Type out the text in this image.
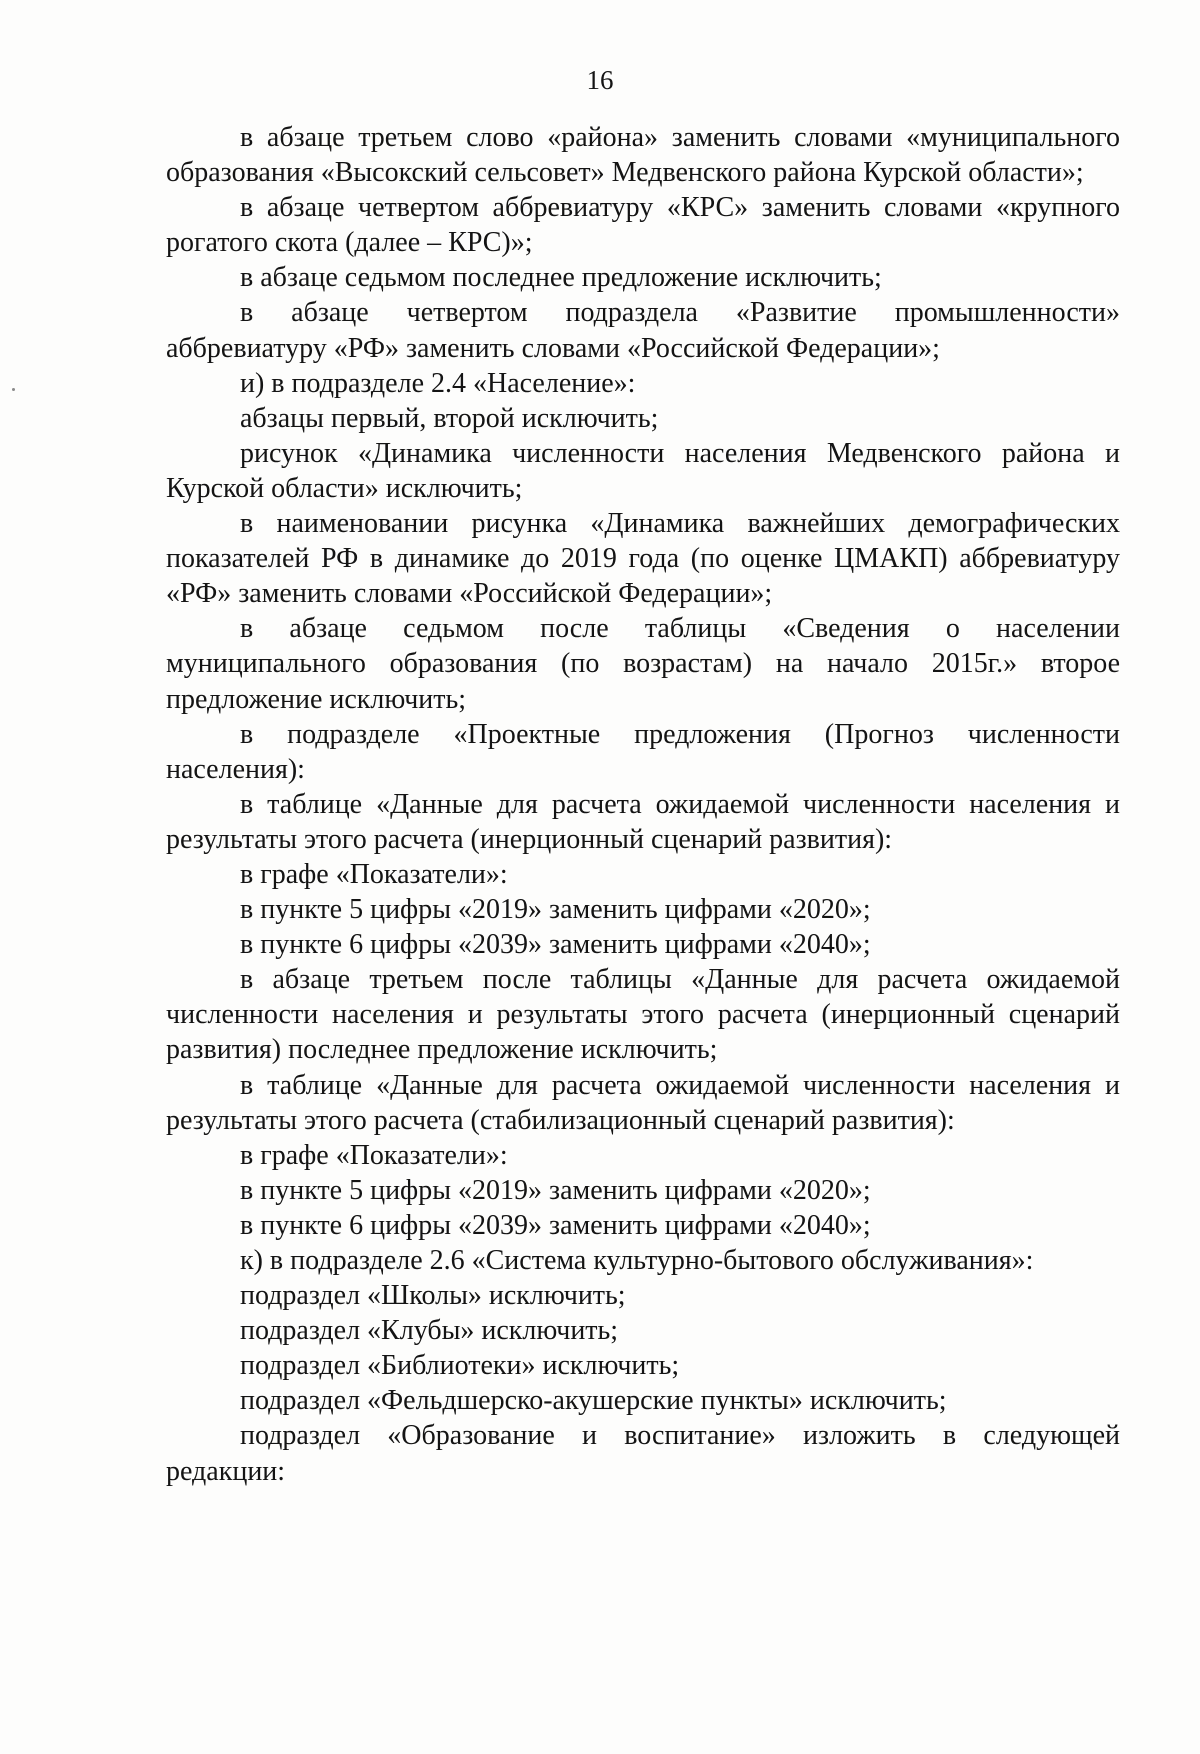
16

в абзаце третьем слово «района» заменить словами «муниципального образования «Высокский сельсовет» Медвенского района Курской области»;

в абзаце четвертом аббревиатуру «КРС» заменить словами «крупного рогатого скота (далее – КРС)»;

в абзаце седьмом последнее предложение исключить;

в абзаце четвертом подраздела «Развитие промышленности» аббревиатуру «РФ» заменить словами «Российской Федерации»;

и) в подразделе 2.4 «Население»:

абзацы первый, второй исключить;

рисунок «Динамика численности населения Медвенского района и Курской области» исключить;

в наименовании рисунка «Динамика важнейших демографических показателей РФ в динамике до 2019 года (по оценке ЦМАКП) аббревиатуру «РФ» заменить словами «Российской Федерации»;

в абзаце седьмом после таблицы «Сведения о населении муниципального образования (по возрастам) на начало 2015г.» второе предложение исключить;

в подразделе «Проектные предложения (Прогноз численности населения):

в таблице «Данные для расчета ожидаемой численности населения и результаты этого расчета (инерционный сценарий развития):

в графе «Показатели»:

в пункте 5 цифры «2019» заменить цифрами «2020»;

в пункте 6 цифры «2039» заменить цифрами «2040»;

в абзаце третьем после таблицы «Данные для расчета ожидаемой численности населения и результаты этого расчета (инерционный сценарий развития) последнее предложение исключить;

в таблице «Данные для расчета ожидаемой численности населения и результаты этого расчета (стабилизационный сценарий развития):

в графе «Показатели»:

в пункте 5 цифры «2019» заменить цифрами «2020»;

в пункте 6 цифры «2039» заменить цифрами «2040»;

к) в подразделе 2.6 «Система культурно-бытового обслуживания»:

подраздел «Школы» исключить;

подраздел «Клубы» исключить;

подраздел «Библиотеки» исключить;

подраздел «Фельдшерско-акушерские пункты» исключить;

подраздел «Образование и воспитание» изложить в следующей редакции:
